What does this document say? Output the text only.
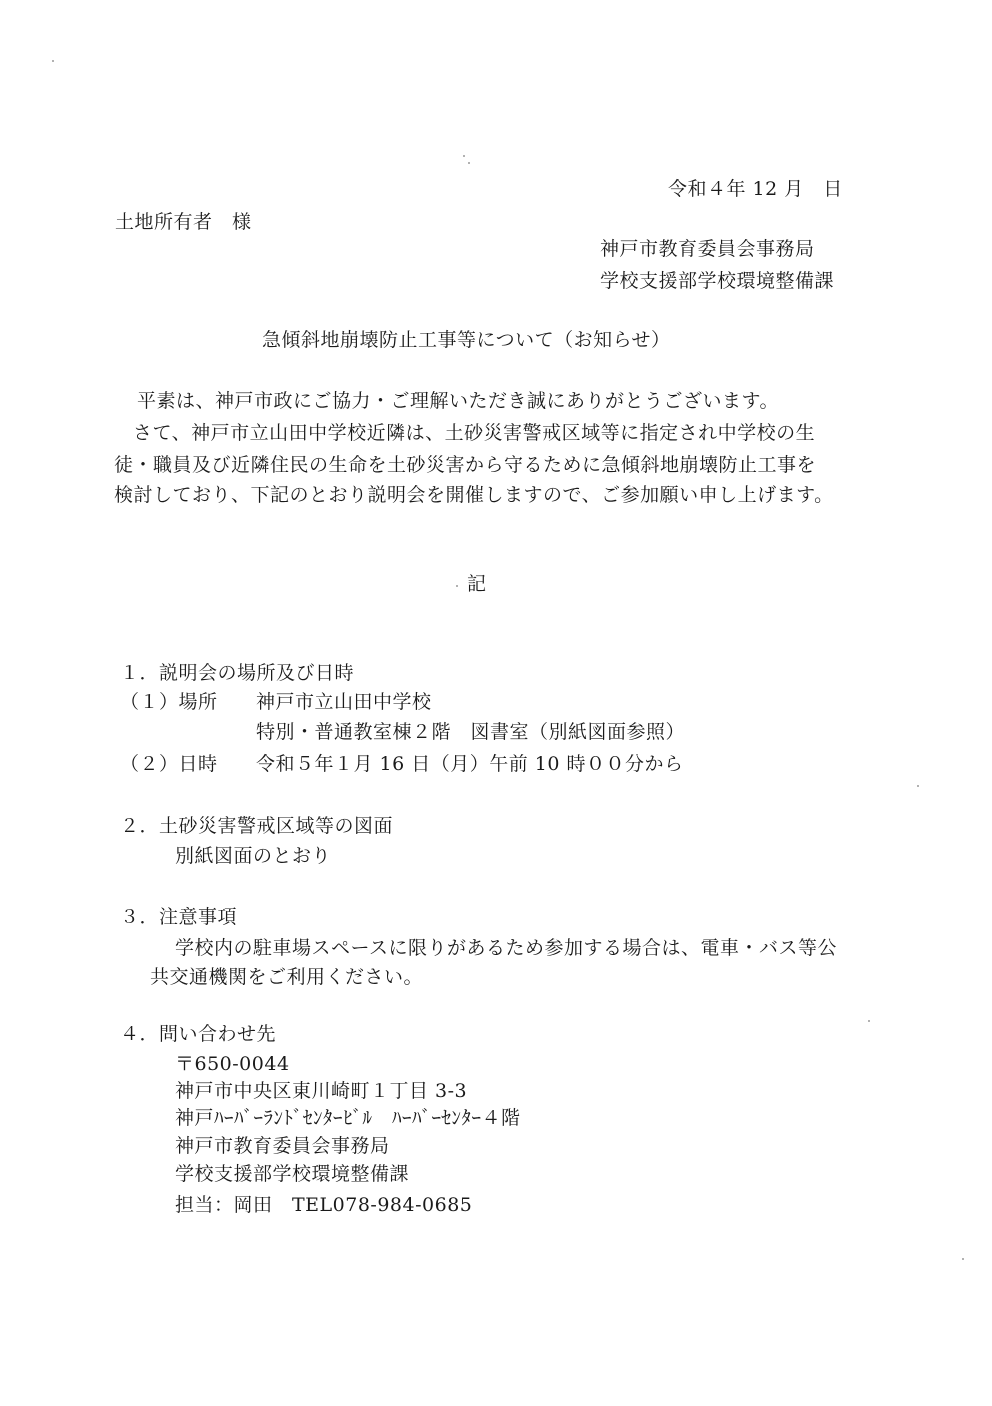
令和４年 12 月　日
土地所有者　様
神戸市教育委員会事務局
学校支援部学校環境整備課
急傾斜地崩壊防止工事等について（お知らせ）
平素は、神戸市政にご協力・ご理解いただき誠にありがとうございます。
さて、神戸市立山田中学校近隣は、土砂災害警戒区域等に指定され中学校の生
徒・職員及び近隣住民の生命を土砂災害から守るために急傾斜地崩壊防止工事を
検討しており、下記のとおり説明会を開催しますので、ご参加願い申し上げます。
記
１．説明会の場所及び日時
（１）場所 神戸市立山田中学校
特別・普通教室棟２階　図書室（別紙図面参照）
（２）日時 令和５年１月 16 日（月）午前 10 時００分から
２．土砂災害警戒区域等の図面
別紙図面のとおり
３．注意事項
学校内の駐車場スペースに限りがあるため参加する場合は、電車・バス等公
共交通機関をご利用ください。
４．問い合わせ先
〒650-0044
神戸市中央区東川崎町１丁目 3-3
神戸ﾊｰﾊﾞｰﾗﾝﾄﾞｾﾝﾀｰﾋﾞﾙ　ﾊｰﾊﾞｰｾﾝﾀｰ４階
神戸市教育委員会事務局
学校支援部学校環境整備課
担当：岡田　TEL078-984-0685
